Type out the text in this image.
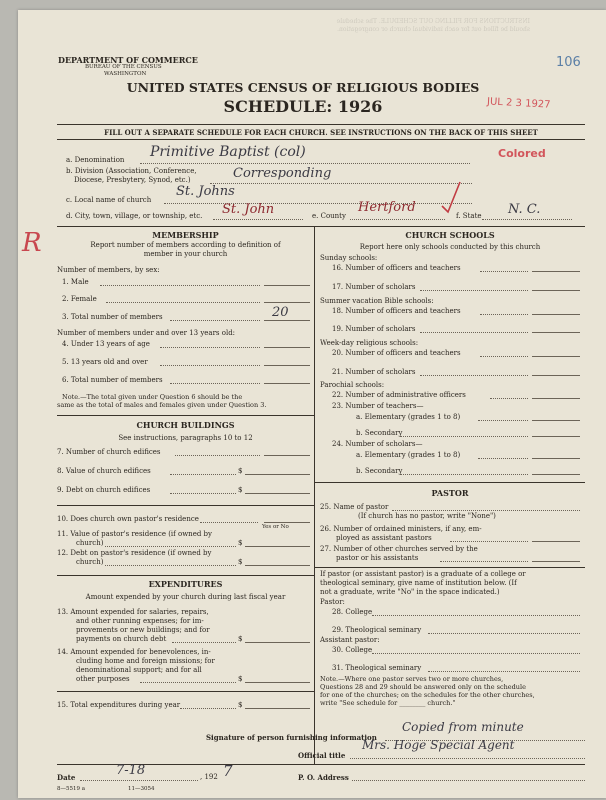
INSTRUCTIONS FOR FILLING OUT SCHEDULE. The schedule should be filled out for each individual church or congregation.
DEPARTMENT OF COMMERCE
BUREAU OF THE CENSUS
WASHINGTON
UNITED STATES CENSUS OF RELIGIOUS BODIES
SCHEDULE: 1926
106
JUL 2 3 1927
FILL OUT A SEPARATE SCHEDULE FOR EACH CHURCH. SEE INSTRUCTIONS ON THE BACK OF THIS SHEET
a. Denomination Primitive Baptist (col)	Colored
b. Division (Association, Conference,
Diocese, Presbytery, Synod, etc.)	Corresponding
c. Local name of church
St. Johns
d. City, town, village, or township, etc. St. John	e. County
Hertford
f. State N. C.
R	MEMBERSHIP
Report number of members according to definition of
member in your church
Number of members, by sex:
1. Male
2. Female
3. Total number of members	20
Number of members under and over 13 years old:
4. Under 13 years of age
5. 13 years old and over
6. Total number of members
Note.—The total given under Question 6 should be the
same as the total of males and females given under Question 3.
CHURCH BUILDINGS
See instructions, paragraphs 10 to 12
7. Number of church edifices
8. Value of church edifices	$
9. Debt on church edifices	$
10. Does church own pastor's residence
Yes or No
11. Value of pastor's residence (if owned by
church)	$
12. Debt on pastor's residence (if owned by
church)	$
EXPENDITURES
Amount expended by your church during last fiscal year
13. Amount expended for salaries, repairs,
and other running expenses; for im-
provements or new buildings; and for
payments on church debt	$
14. Amount expended for benevolences, in-
cluding home and foreign missions; for
denominational support; and for all
other purposes	$
15. Total expenditures during year	$
CHURCH SCHOOLS
Report here only schools conducted by this church
Sunday schools:
16. Number of officers and teachers
17. Number of scholars
Summer vacation Bible schools:
18. Number of officers and teachers
19. Number of scholars
Week-day religious schools:
20. Number of officers and teachers
21. Number of scholars
Parochial schools:
22. Number of administrative officers
23. Number of teachers—
a. Elementary (grades 1 to 8)
b. Secondary
24. Number of scholars—
a. Elementary (grades 1 to 8)
b. Secondary
PASTOR
25. Name of pastor
(If church has no pastor, write "None")
26. Number of ordained ministers, if any, em-
ployed as assistant pastors
27. Number of other churches served by the
pastor or his assistants
If pastor (or assistant pastor) is a graduate of a college or
theological seminary, give name of institution below. (If
not a graduate, write "No" in the space indicated.)
Pastor:
28. College
29. Theological seminary
Assistant pastor:
30. College
31. Theological seminary
Note.—Where one pastor serves two or more churches,
Questions 28 and 29 should be answered only on the schedule
for one of the churches; on the schedules for the other churches,
write "See schedule for ________ church."
Signature of person furnishing information
Copied from minute
Official title
Mrs. Hoge Special Agent
Date	7-18	, 192 7	P. O. Address
8—5519 a	11—3054
